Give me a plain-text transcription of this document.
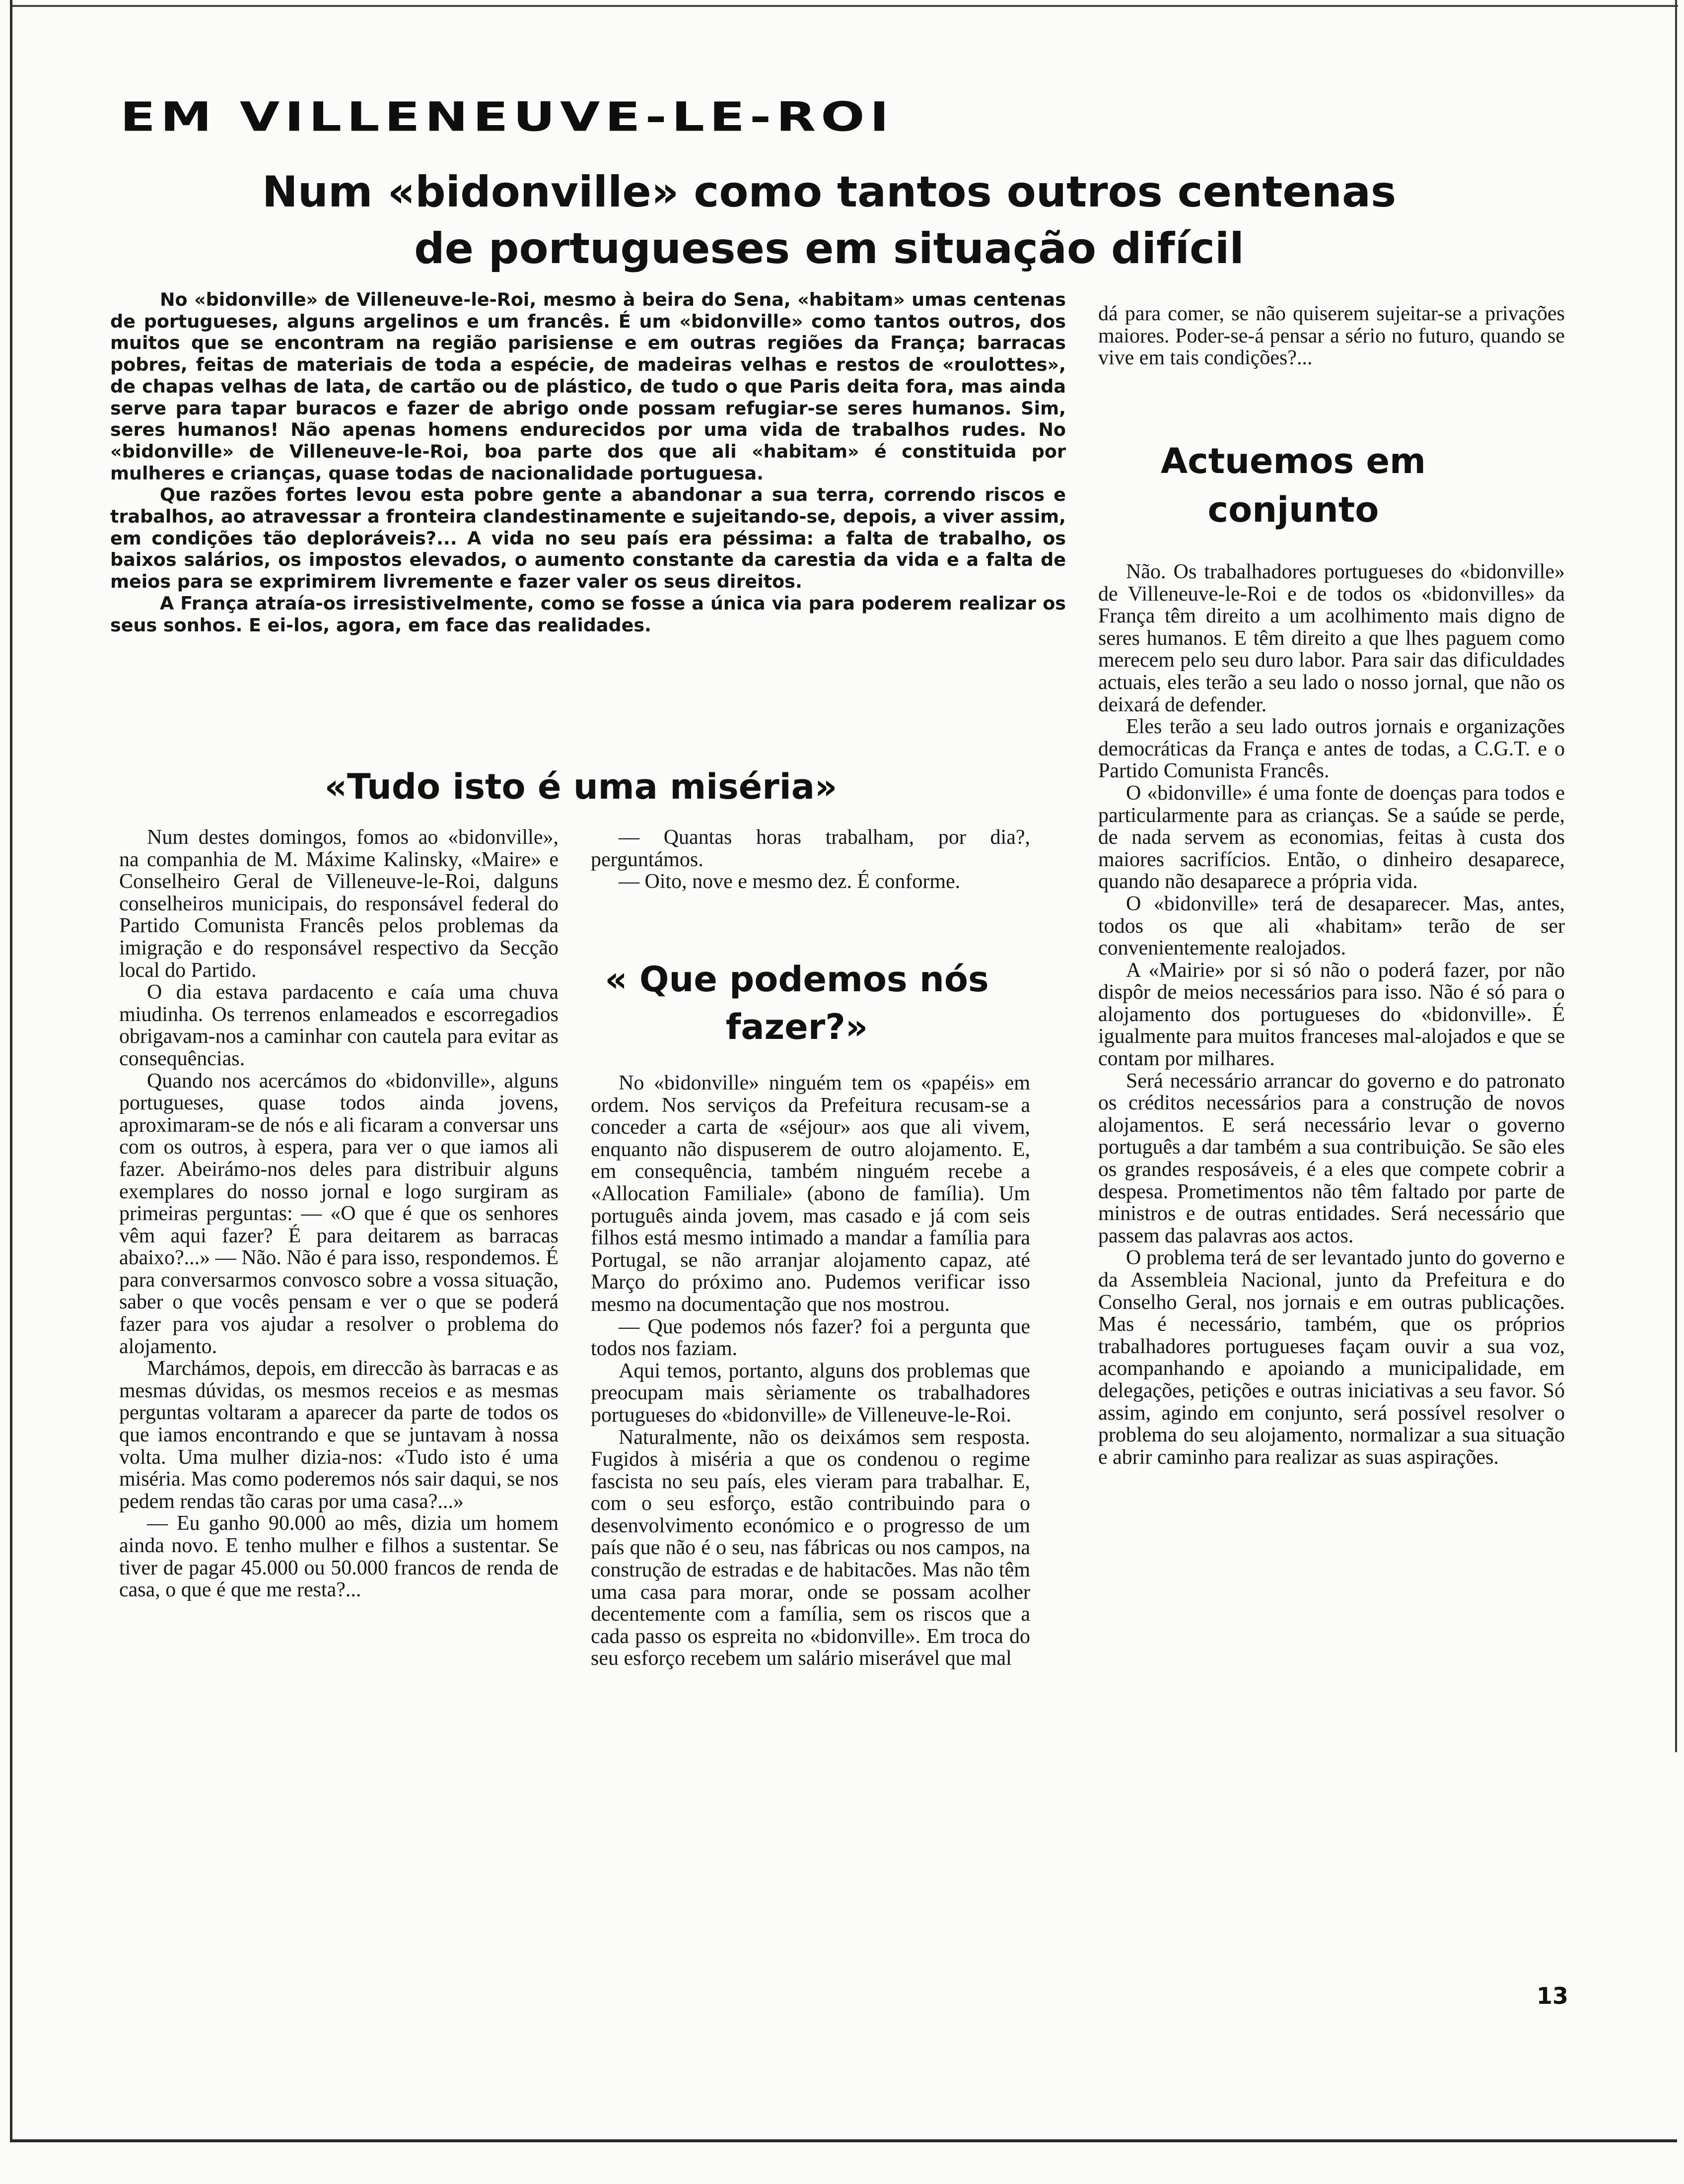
EM VILLENEUVE-LE-ROI
Num «bidonville» como tantos outros centenas de portugueses em situação difícil

No «bidonville» de Villeneuve-le-Roi, mesmo à beira do Sena, «habitam» umas centenas de portugueses, alguns argelinos e um francês. É um «bidonville» como tantos outros, dos muitos que se encontram na região parisiense e em outras regiões da França; barracas pobres, feitas de materiais de toda a espécie, de madeiras velhas e restos de «roulottes», de chapas velhas de lata, de cartão ou de plástico, de tudo o que Paris deita fora, mas ainda serve para tapar buracos e fazer de abrigo onde possam refugiar-se seres humanos. Sim, seres humanos! Não apenas homens endurecidos por uma vida de trabalhos rudes. No «bidonville» de Villeneuve-le-Roi, boa parte dos que ali «habitam» é constituida por mulheres e crianças, quase todas de nacionalidade portuguesa.

Que razões fortes levou esta pobre gente a abandonar a sua terra, correndo riscos e trabalhos, ao atravessar a fronteira clandestinamente e sujeitando-se, depois, a viver assim, em condições tão deploráveis?... A vida no seu país era péssima: a falta de trabalho, os baixos salários, os impostos elevados, o aumento constante da carestia da vida e a falta de meios para se exprimirem livremente e fazer valer os seus direitos.

A França atraía-os irresistivelmente, como se fosse a única via para poderem realizar os seus sonhos. E ei-los, agora, em face das realidades.

«Tudo isto é uma miséria»

Num destes domingos, fomos ao «bidonville», na companhia de M. Máxime Kalinsky, «Maire» e Conselheiro Geral de Villeneuve-le-Roi, dalguns conselheiros municipais, do responsável federal do Partido Comunista Francês pelos problemas da imigração e do responsável respectivo da Secção local do Partido.

O dia estava pardacento e caía uma chuva miudinha. Os terrenos enlameados e escorregadios obrigavam-nos a caminhar con cautela para evitar as consequências.

Quando nos acercámos do «bidonville», alguns portugueses, quase todos ainda jovens, aproximaram-se de nós e ali ficaram a conversar uns com os outros, à espera, para ver o que iamos ali fazer. Abeirámo-nos deles para distribuir alguns exemplares do nosso jornal e logo surgiram as primeiras perguntas: — «O que é que os senhores vêm aqui fazer? É para deitarem as barracas abaixo?...» — Não. Não é para isso, respondemos. É para conversarmos convosco sobre a vossa situação, saber o que vocês pensam e ver o que se poderá fazer para vos ajudar a resolver o problema do alojamento.

Marchámos, depois, em direccão às barracas e as mesmas dúvidas, os mesmos receios e as mesmas perguntas voltaram a aparecer da parte de todos os que iamos encontrando e que se juntavam à nossa volta. Uma mulher dizia-nos: «Tudo isto é uma miséria. Mas como poderemos nós sair daqui, se nos pedem rendas tão caras por uma casa?...»

— Eu ganho 90.000 ao mês, dizia um homem ainda novo. E tenho mulher e filhos a sustentar. Se tiver de pagar 45.000 ou 50.000 francos de renda de casa, o que é que me resta?...

— Quantas horas trabalham, por dia?, perguntámos.

— Oito, nove e mesmo dez. É conforme.

« Que podemos nós fazer?»

No «bidonville» ninguém tem os «papéis» em ordem. Nos serviços da Prefeitura recusam-se a conceder a carta de «séjour» aos que ali vivem, enquanto não dispuserem de outro alojamento. E, em consequência, também ninguém recebe a «Allocation Familiale» (abono de família). Um português ainda jovem, mas casado e já com seis filhos está mesmo intimado a mandar a família para Portugal, se não arranjar alojamento capaz, até Março do próximo ano. Pudemos verificar isso mesmo na documentação que nos mostrou.

— Que podemos nós fazer? foi a pergunta que todos nos faziam.

Aqui temos, portanto, alguns dos problemas que preocupam mais sèriamente os trabalhadores portugueses do «bidonville» de Villeneuve-le-Roi.

Naturalmente, não os deixámos sem resposta. Fugidos à miséria a que os condenou o regime fascista no seu país, eles vieram para trabalhar. E, com o seu esforço, estão contribuindo para o desenvolvimento económico e o progresso de um país que não é o seu, nas fábricas ou nos campos, na construção de estradas e de habitacões. Mas não têm uma casa para morar, onde se possam acolher decentemente com a família, sem os riscos que a cada passo os espreita no «bidonville». Em troca do seu esforço recebem um salário miserável que mal

dá para comer, se não quiserem sujeitar-se a privações maiores. Poder-se-á pensar a sério no futuro, quando se vive em tais condições?...

Actuemos em conjunto

Não. Os trabalhadores portugueses do «bidonville» de Villeneuve-le-Roi e de todos os «bidonvilles» da França têm direito a um acolhimento mais digno de seres humanos. E têm direito a que lhes paguem como merecem pelo seu duro labor. Para sair das dificuldades actuais, eles terão a seu lado o nosso jornal, que não os deixará de defender.

Eles terão a seu lado outros jornais e organizações democráticas da França e antes de todas, a C.G.T. e o Partido Comunista Francês.

O «bidonville» é uma fonte de doenças para todos e particularmente para as crianças. Se a saúde se perde, de nada servem as economias, feitas à custa dos maiores sacrifícios. Então, o dinheiro desaparece, quando não desaparece a própria vida.

O «bidonville» terá de desaparecer. Mas, antes, todos os que ali «habitam» terão de ser convenientemente realojados.

A «Mairie» por si só não o poderá fazer, por não dispôr de meios necessários para isso. Não é só para o alojamento dos portugueses do «bidonville». É igualmente para muitos franceses mal-alojados e que se contam por milhares.

Será necessário arrancar do governo e do patronato os créditos necessários para a construção de novos alojamentos. E será necessário levar o governo português a dar também a sua contribuição. Se são eles os grandes resposáveis, é a eles que compete cobrir a despesa. Prometimentos não têm faltado por parte de ministros e de outras entidades. Será necessário que passem das palavras aos actos.

O problema terá de ser levantado junto do governo e da Assembleia Nacional, junto da Prefeitura e do Conselho Geral, nos jornais e em outras publicações. Mas é necessário, também, que os próprios trabalhadores portugueses façam ouvir a sua voz, acompanhando e apoiando a municipalidade, em delegações, petições e outras iniciativas a seu favor. Só assim, agindo em conjunto, será possível resolver o problema do seu alojamento, normalizar a sua situação e abrir caminho para realizar as suas aspirações.

13
